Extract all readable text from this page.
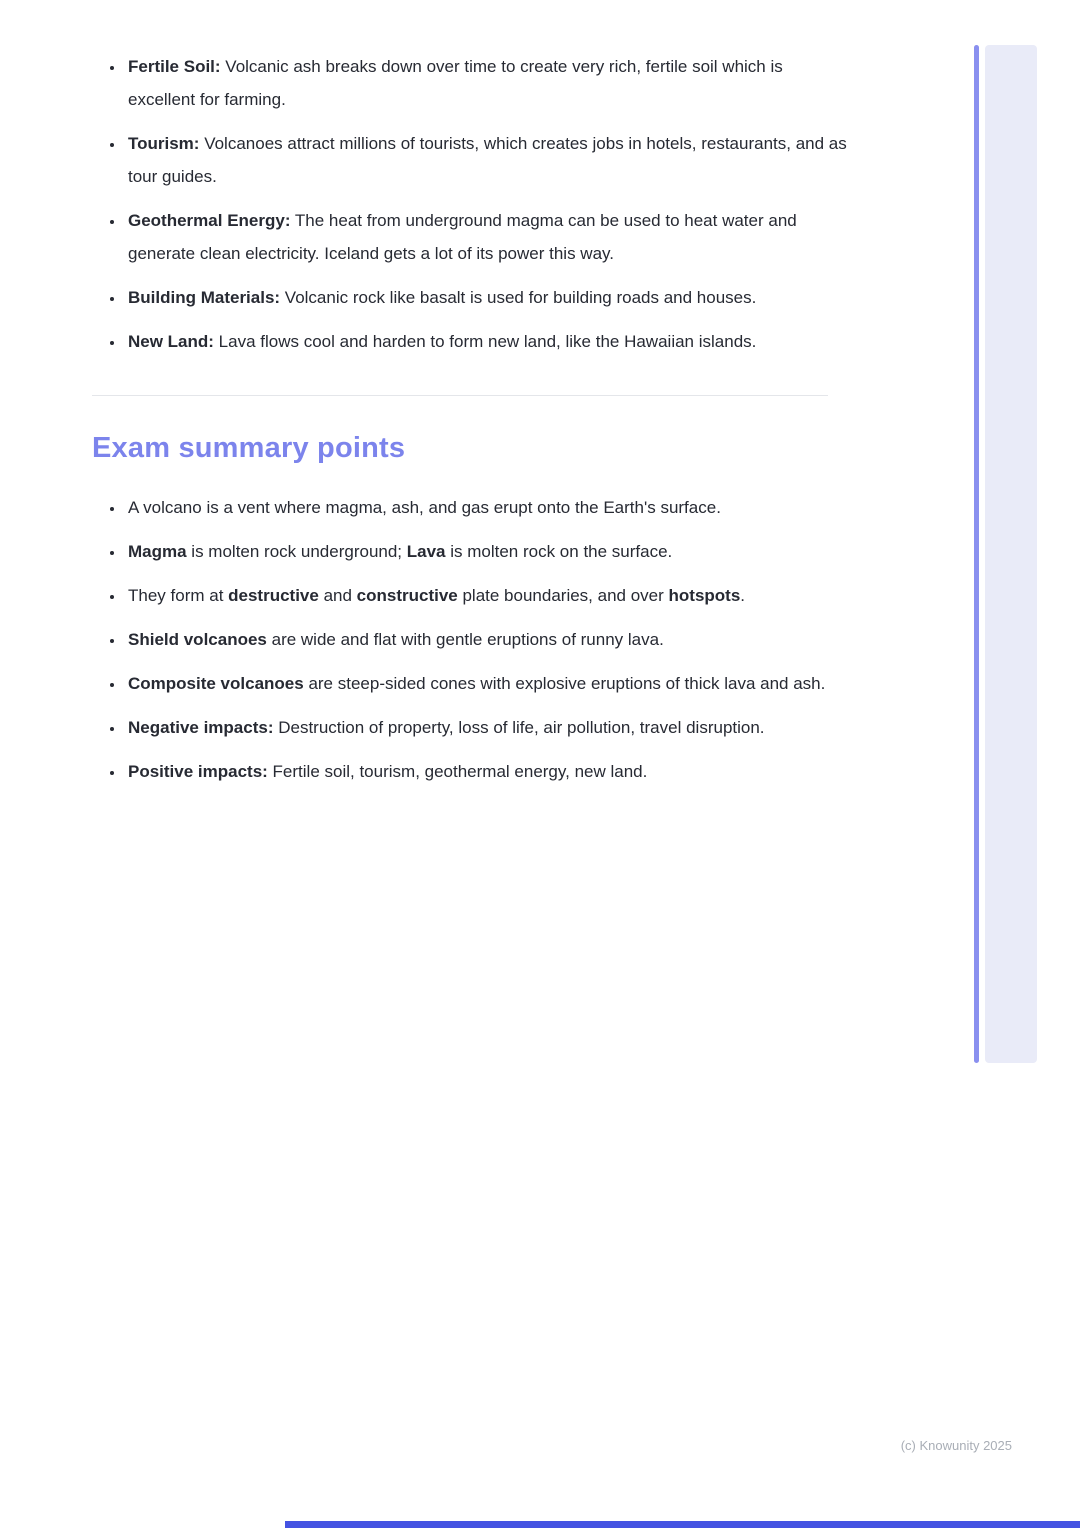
• Fertile Soil: Volcanic ash breaks down over time to create very rich, fertile soil which is excellent for farming.
• Tourism: Volcanoes attract millions of tourists, which creates jobs in hotels, restaurants, and as tour guides.
• Geothermal Energy: The heat from underground magma can be used to heat water and generate clean electricity. Iceland gets a lot of its power this way.
• Building Materials: Volcanic rock like basalt is used for building roads and houses.
• New Land: Lava flows cool and harden to form new land, like the Hawaiian islands.
Exam summary points
• A volcano is a vent where magma, ash, and gas erupt onto the Earth's surface.
• Magma is molten rock underground; Lava is molten rock on the surface.
• They form at destructive and constructive plate boundaries, and over hotspots.
• Shield volcanoes are wide and flat with gentle eruptions of runny lava.
• Composite volcanoes are steep-sided cones with explosive eruptions of thick lava and ash.
• Negative impacts: Destruction of property, loss of life, air pollution, travel disruption.
• Positive impacts: Fertile soil, tourism, geothermal energy, new land.
(c) Knowunity 2025
